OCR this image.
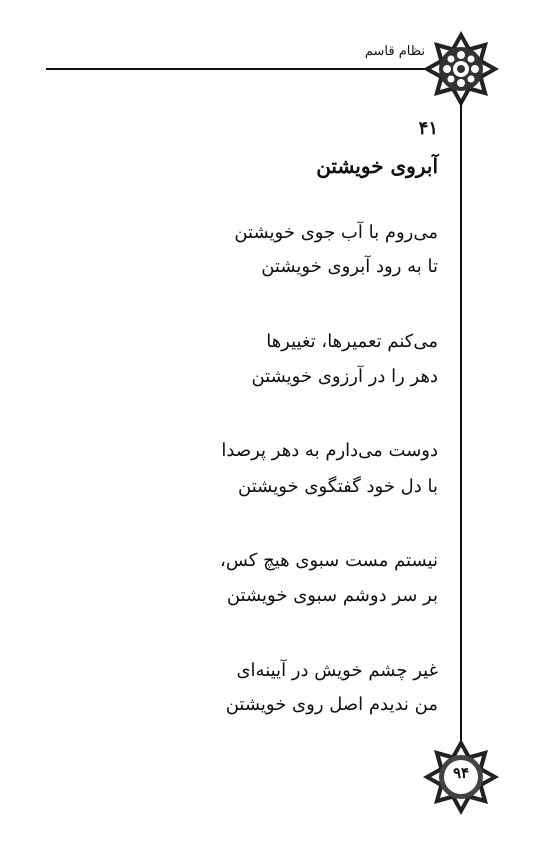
نظام قاسم
۴۱
آبروی خویشتن
می‌روم با آب جوی خویشتن
تا به رود آبروی خویشتن
می‌کنم تعمیرها، تغییرها
دهر را در آرزوی خویشتن
دوست می‌دارم به دهر پرصدا
با دل خود گفتگوی خویشتن
نیستم مست سبوی هیچ کس،
بر سر دوشم سبوی خویشتن
غیر چشم خویش در آیینه‌ای
من ندیدم اصل روی خویشتن
۹۴
